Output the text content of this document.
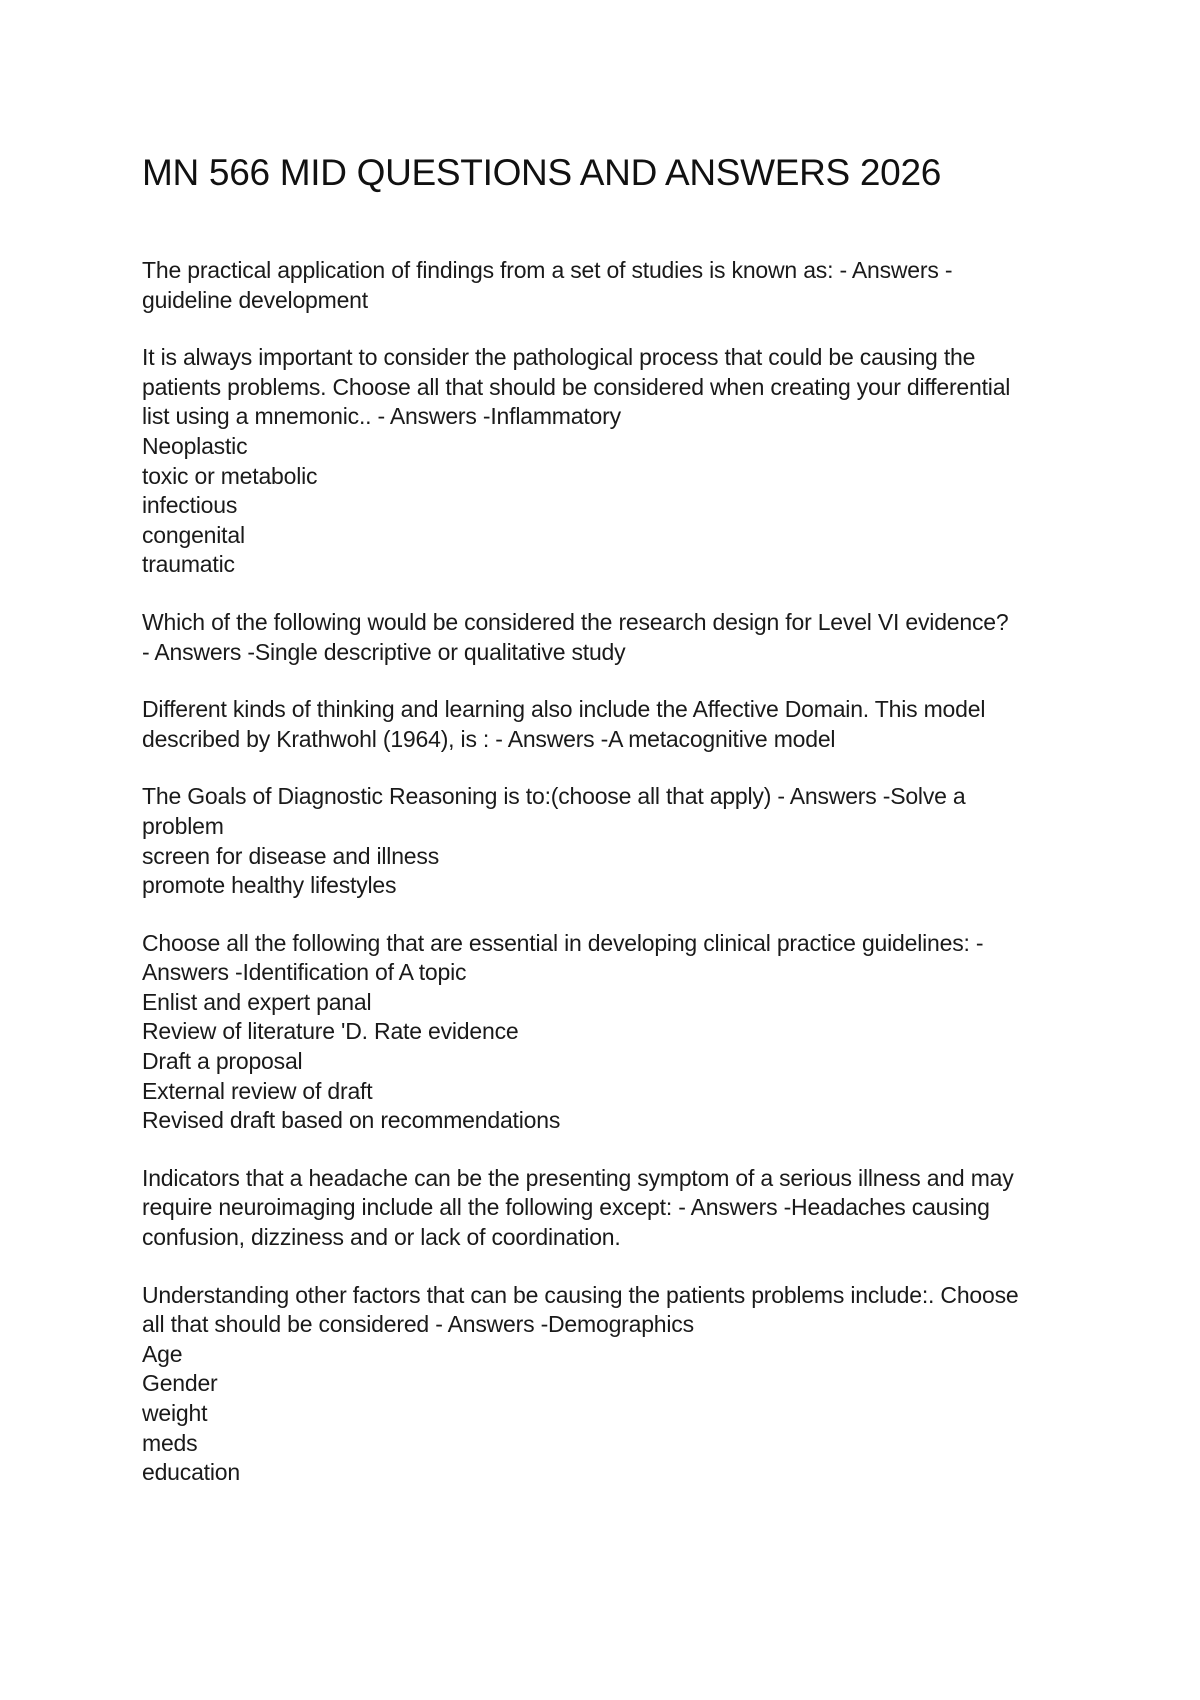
MN 566 MID QUESTIONS AND ANSWERS 2026
The practical application of findings from a set of studies is known as: - Answers -
guideline development
It is always important to consider the pathological process that could be causing the
patients problems. Choose all that should be considered when creating your differential
list using a mnemonic.. - Answers -Inflammatory
Neoplastic
toxic or metabolic
infectious
congenital
traumatic
Which of the following would be considered the research design for Level VI evidence?
- Answers -Single descriptive or qualitative study
Different kinds of thinking and learning also include the Affective Domain. This model
described by Krathwohl (1964), is : - Answers -A metacognitive model
The Goals of Diagnostic Reasoning is to:(choose all that apply) - Answers -Solve a
problem
screen for disease and illness
promote healthy lifestyles
Choose all the following that are essential in developing clinical practice guidelines: -
Answers -Identification of A topic
Enlist and expert panal
Review of literature 'D. Rate evidence
Draft a proposal
External review of draft
Revised draft based on recommendations
Indicators that a headache can be the presenting symptom of a serious illness and may
require neuroimaging include all the following except: - Answers -Headaches causing
confusion, dizziness and or lack of coordination.
Understanding other factors that can be causing the patients problems include:. Choose
all that should be considered - Answers -Demographics
Age
Gender
weight
meds
education
